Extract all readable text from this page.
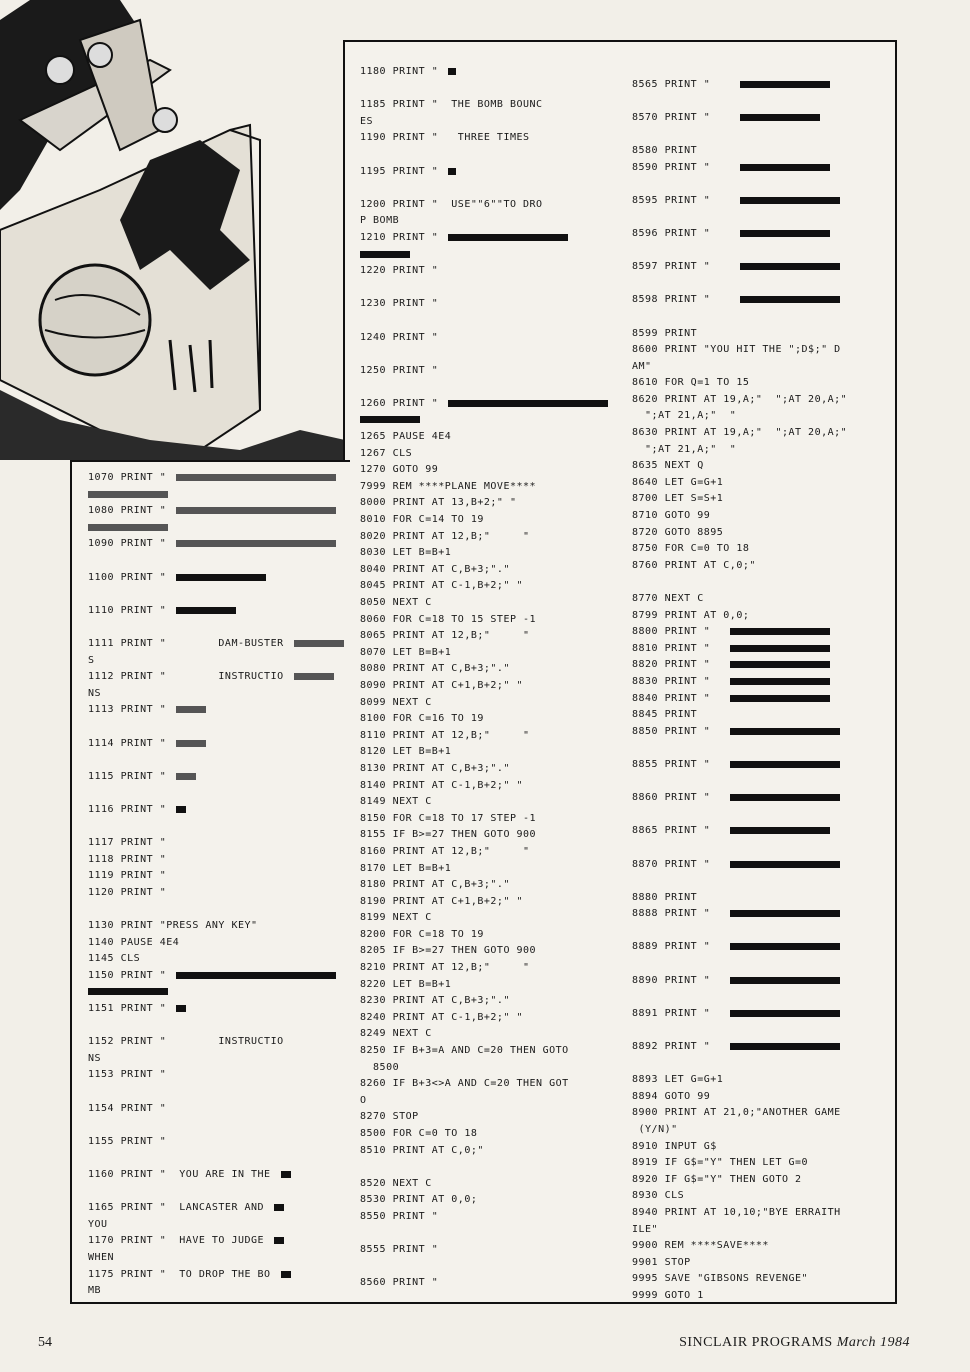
1070 PRINT "
1080 PRINT "
1090 PRINT "
1100 PRINT "
1110 PRINT "
1111 PRINT "        DAM-BUSTER
S
1112 PRINT "        INSTRUCTIO
NS
1113 PRINT "
1114 PRINT "
1115 PRINT "
1116 PRINT "
1117 PRINT "
1118 PRINT "
1119 PRINT "
1120 PRINT "
1130 PRINT "PRESS ANY KEY"
1140 PAUSE 4E4
1145 CLS
1150 PRINT "
1151 PRINT "
1152 PRINT "        INSTRUCTIO
NS
1153 PRINT "
1154 PRINT "
1155 PRINT "
1160 PRINT "  YOU ARE IN THE
1165 PRINT "  LANCASTER AND
YOU
1170 PRINT "  HAVE TO JUDGE
WHEN
1175 PRINT "  TO DROP THE BO
MB
1180 PRINT "
1185 PRINT "  THE BOMB BOUNC
ES
1190 PRINT "   THREE TIMES
1195 PRINT "
1200 PRINT "  USE""6""TO DRO
P BOMB
1210 PRINT "
1220 PRINT "
1230 PRINT "
1240 PRINT "
1250 PRINT "
1260 PRINT "
1265 PAUSE 4E4
1267 CLS
1270 GOTO 99
7999 REM ****PLANE MOVE****
8000 PRINT AT 13,B+2;" "
8010 FOR C=14 TO 19
8020 PRINT AT 12,B;"     "
8030 LET B=B+1
8040 PRINT AT C,B+3;"."
8045 PRINT AT C-1,B+2;" "
8050 NEXT C
8060 FOR C=18 TO 15 STEP -1
8065 PRINT AT 12,B;"     "
8070 LET B=B+1
8080 PRINT AT C,B+3;"."
8090 PRINT AT C+1,B+2;" "
8099 NEXT C
8100 FOR C=16 TO 19
8110 PRINT AT 12,B;"     "
8120 LET B=B+1
8130 PRINT AT C,B+3;"."
8140 PRINT AT C-1,B+2;" "
8149 NEXT C
8150 FOR C=18 TO 17 STEP -1
8155 IF B>=27 THEN GOTO 900
8160 PRINT AT 12,B;"     "
8170 LET B=B+1
8180 PRINT AT C,B+3;"."
8190 PRINT AT C+1,B+2;" "
8199 NEXT C
8200 FOR C=18 TO 19
8205 IF B>=27 THEN GOTO 900
8210 PRINT AT 12,B;"     "
8220 LET B=B+1
8230 PRINT AT C,B+3;"."
8240 PRINT AT C-1,B+2;" "
8249 NEXT C
8250 IF B+3=A AND C=20 THEN GOTO
8500
8260 IF B+3<>A AND C=20 THEN GOT
O
8270 STOP
8500 FOR C=0 TO 18
8510 PRINT AT C,0;"
8520 NEXT C
8530 PRINT AT 0,0;
8550 PRINT "
8555 PRINT "
8560 PRINT "
8565 PRINT "
8570 PRINT "
8580 PRINT
8590 PRINT "
8595 PRINT "
8596 PRINT "
8597 PRINT "
8598 PRINT "
8599 PRINT
8600 PRINT "YOU HIT THE ";D$;" D
AM"
8610 FOR Q=1 TO 15
8620 PRINT AT 19,A;"  ";AT 20,A;"
";AT 21,A;"  "
8630 PRINT AT 19,A;"  ";AT 20,A;"
";AT 21,A;"  "
8635 NEXT Q
8640 LET G=G+1
8700 LET S=S+1
8710 GOTO 99
8720 GOTO 8895
8750 FOR C=0 TO 18
8760 PRINT AT C,0;"
8770 NEXT C
8799 PRINT AT 0,0;
8800 PRINT "
8810 PRINT "
8820 PRINT "
8830 PRINT "
8840 PRINT "
8845 PRINT
8850 PRINT "
8855 PRINT "
8860 PRINT "
8865 PRINT "
8870 PRINT "
8880 PRINT
8888 PRINT "
8889 PRINT "
8890 PRINT "
8891 PRINT "
8892 PRINT "
8893 LET G=G+1
8894 GOTO 99
8900 PRINT AT 21,0;"ANOTHER GAME
(Y/N)"
8910 INPUT G$
8919 IF G$="Y" THEN LET G=0
8920 IF G$="Y" THEN GOTO 2
8930 CLS
8940 PRINT AT 10,10;"BYE ERRAITH
ILE"
9900 REM ****SAVE****
9901 STOP
9995 SAVE "GIBSONS REVENGE"
9999 GOTO 1
54	SINCLAIR PROGRAMS March 1984
